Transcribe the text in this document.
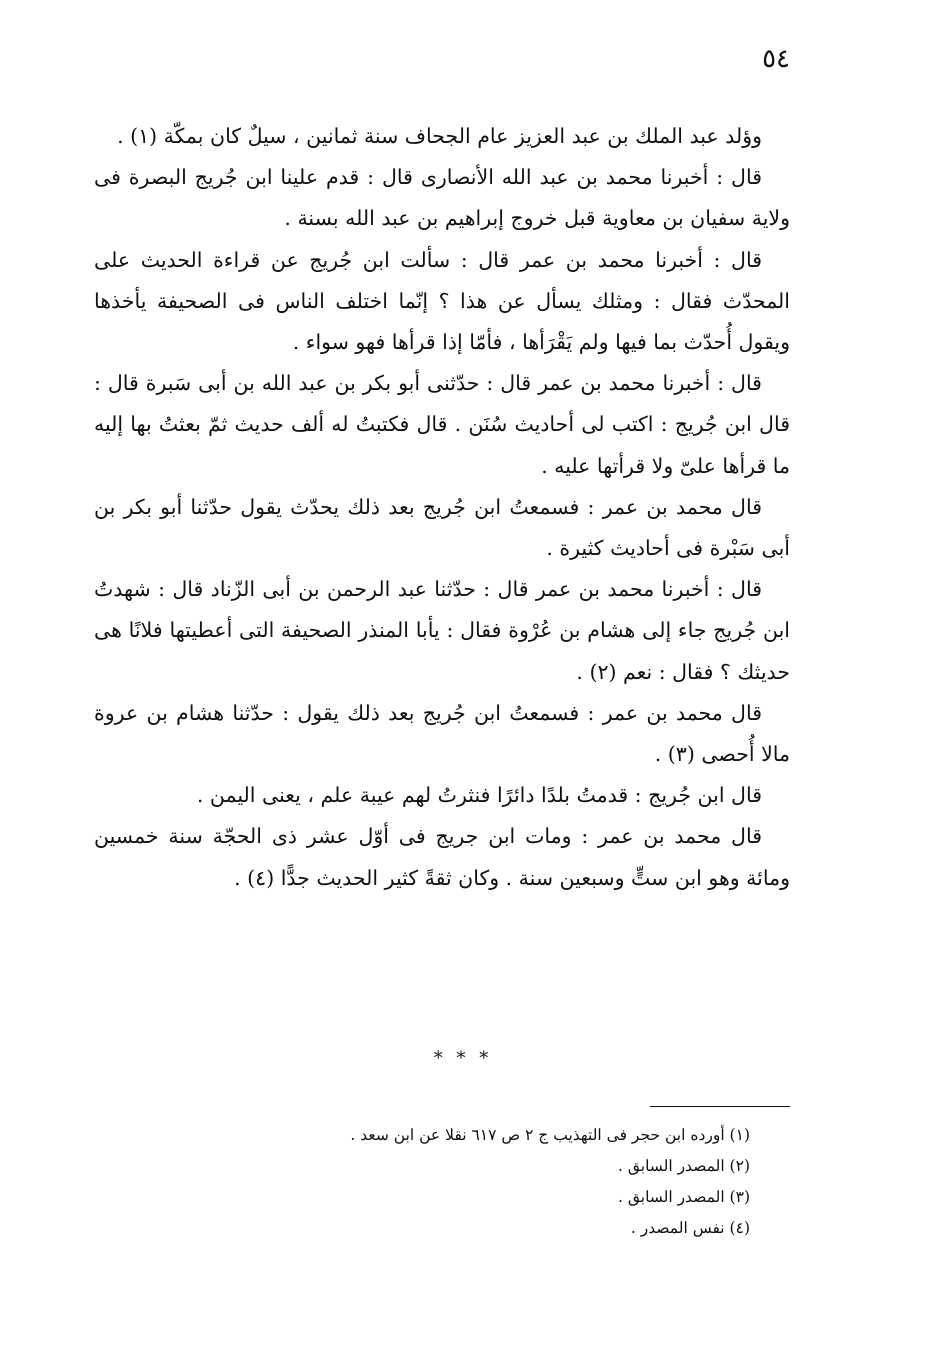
٥٤

وؤلد عبد الملك بن عبد العزيز عام الجحاف سنة ثمانين ، سيلٌ كان بمكّة (١) .

قال : أخبرنا محمد بن عبد الله الأنصارى قال : قدم علينا ابن جُريج البصرة فى ولاية سفيان بن معاوية قبل خروج إبراهيم بن عبد الله بسنة .

قال : أخبرنا محمد بن عمر قال : سألت ابن جُريج عن قراءة الحديث على المحدّث فقال : ومثلك يسأل عن هذا ؟ إنّما اختلف الناس فى الصحيفة يأخذها ويقول أُحدّث بما فيها ولم يَقْرَأها ، فأمّا إذا قرأها فهو سواء .

قال : أخبرنا محمد بن عمر قال : حدّثنى أبو بكر بن عبد الله بن أبى سَبرة قال : قال ابن جُريج : اكتب لى أحاديث سُنَن . قال فكتبتُ له ألف حديث ثمّ بعثتُ بها إليه ما قرأها علىّ ولا قرأتها عليه .

قال محمد بن عمر : فسمعتُ ابن جُريج بعد ذلك يحدّث يقول حدّثنا أبو بكر بن أبى سَبْرة فى أحاديث كثيرة .

قال : أخبرنا محمد بن عمر قال : حدّثنا عبد الرحمن بن أبى الزّناد قال : شهدتُ ابن جُريج جاء إلى هشام بن عُرْوة فقال : يأبا المنذر الصحيفة التى أعطيتها فلانًا هى حديثك ؟ فقال : نعم (٢) .

قال محمد بن عمر : فسمعتُ ابن جُريج بعد ذلك يقول : حدّثنا هشام بن عروة مالا أُحصى (٣) .

قال ابن جُريج : قدمتُ بلدًا دائرًا فنثرتُ لهم عيبة علم ، يعنى اليمن .

قال محمد بن عمر : ومات ابن جريج فى أوّل عشر ذى الحجّة سنة خمسين ومائة وهو ابن ستٍّ وسبعين سنة . وكان ثقةً كثير الحديث جدًّا (٤) .

* * *

(١) أورده ابن حجر فى التهذيب ج ٢ ص ٦١٧ نقلا عن ابن سعد .

(٢) المصدر السابق .

(٣) المصدر السابق .

(٤) نفس المصدر .
